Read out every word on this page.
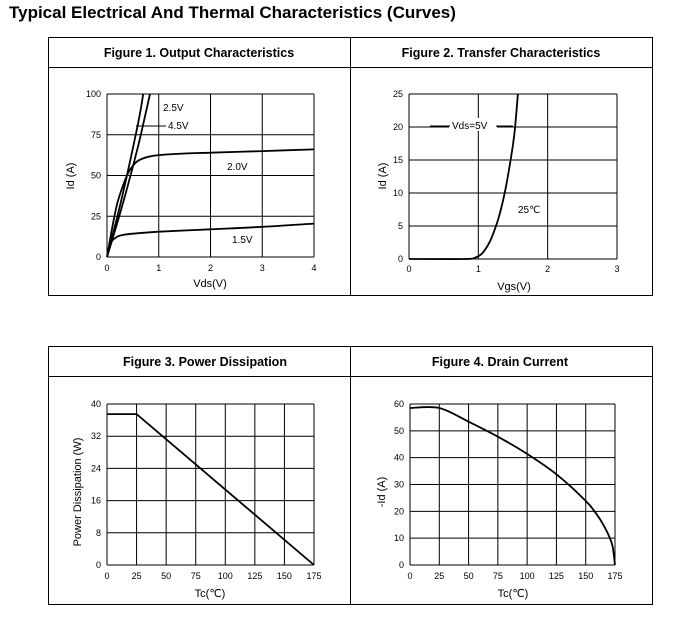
Typical Electrical And Thermal Characteristics (Curves)
Figure 1. Output Characteristics
0	1	2	3	4
0
25
50
75
100
Vds(V)
Id (A)
2.5V
4.5V
2.0V
1.5V
Figure 2. Transfer Characteristics
0	1	2	3
0
5
10
15
20
25
Vgs(V)
Id (A)
Vds=5V
25℃
Figure 3. Power Dissipation
0 25 50 75 100 125 150 175
0
8
16
24
32
40
Tc(℃)
Power Dissipation (W)
Figure 4. Drain Current
0 25 50 75 100 125 150 175
0
10
20
30
40
50
60
Tc(℃)
-Id (A)
